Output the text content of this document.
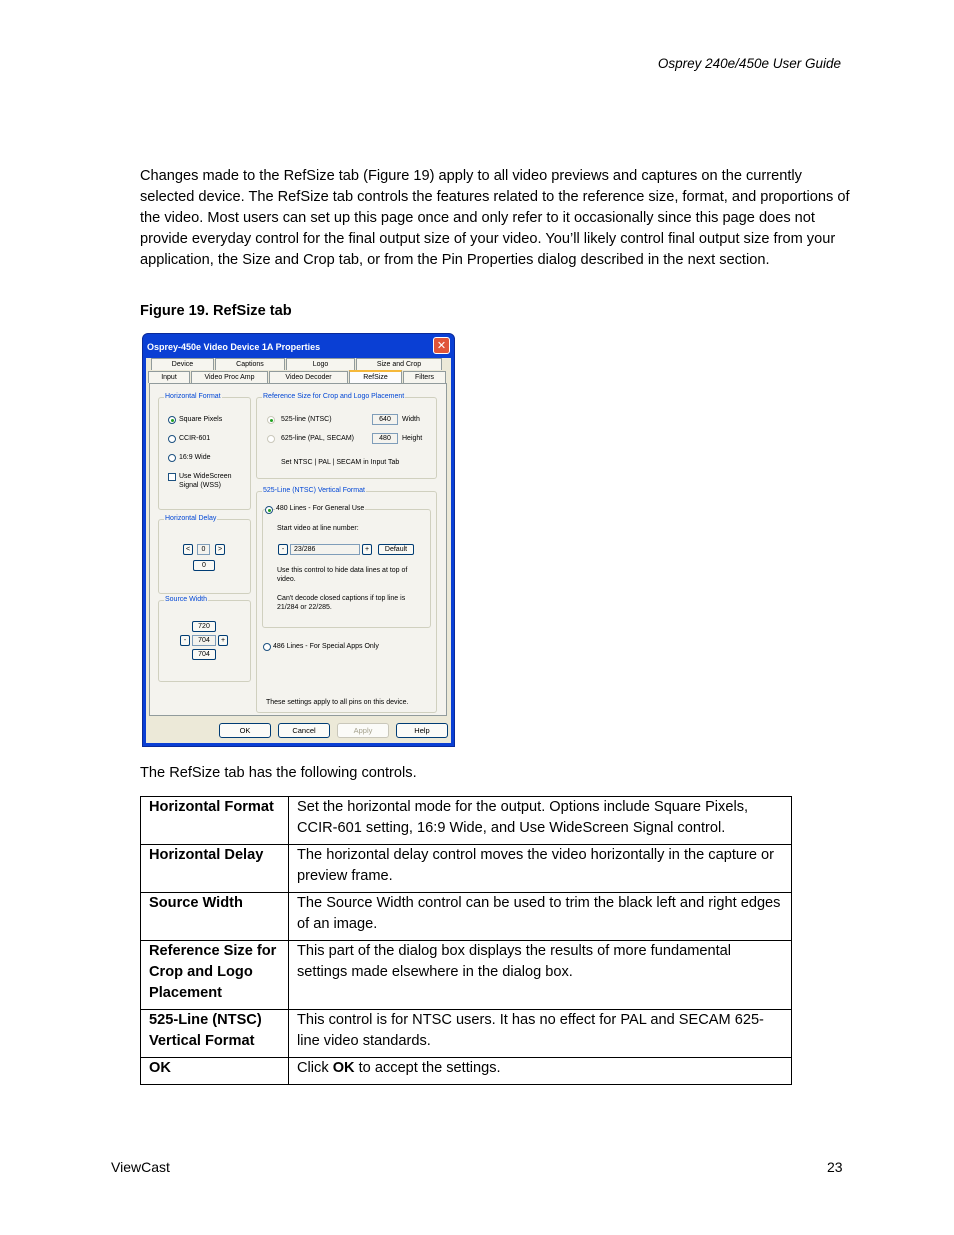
Osprey 240e/450e User Guide
Changes made to the RefSize tab (Figure 19) apply to all video previews and captures on the currently selected device. The RefSize tab controls the features related to the reference size, format, and proportions of the video. Most users can set up this page once and only refer to it occasionally since this page does not provide everyday control for the final output size of your video. You’ll likely control final output size from your application, the Size and Crop tab, or from the Pin Properties dialog described in the next section.
Figure 19. RefSize tab
Osprey-450e Video Device 1A Properties	✕
Device	Captions	Logo	Size and Crop
Input	Video Proc Amp	Video Decoder	RefSize	Filters
Horizontal Format
Square Pixels
CCIR-601
16:9 Wide
Use WideScreen Signal (WSS)
Horizontal Delay
<	0	>
0
Source Width
720
-	704	+
704
Reference Size for Crop and Logo Placement
525-line (NTSC)
625-line (PAL, SECAM)
640	Width
480	Height
Set NTSC | PAL | SECAM in Input Tab
525-Line (NTSC) Vertical Format
480 Lines - For General Use
Start video at line number:
-	23/286	+	Default
Use this control to hide data lines at top of video.
Can't decode closed captions if top line is 21/284 or 22/285.
486 Lines - For Special Apps Only
These settings apply to all pins on this device.
OK	Cancel	Apply	Help
The RefSize tab has the following controls.
Horizontal Format	Set the horizontal mode for the output. Options include Square Pixels, CCIR-601 setting, 16:9 Wide, and Use WideScreen Signal control.
Horizontal Delay	The horizontal delay control moves the video horizontally in the capture or preview frame.
Source Width	The Source Width control can be used to trim the black left and right edges of an image.
Reference Size for Crop and Logo Placement	This part of the dialog box displays the results of more fundamental settings made elsewhere in the dialog box.
525-Line (NTSC) Vertical Format	This control is for NTSC users. It has no effect for PAL and SECAM 625-line video standards.
OK	Click OK to accept the settings.
ViewCast	23
